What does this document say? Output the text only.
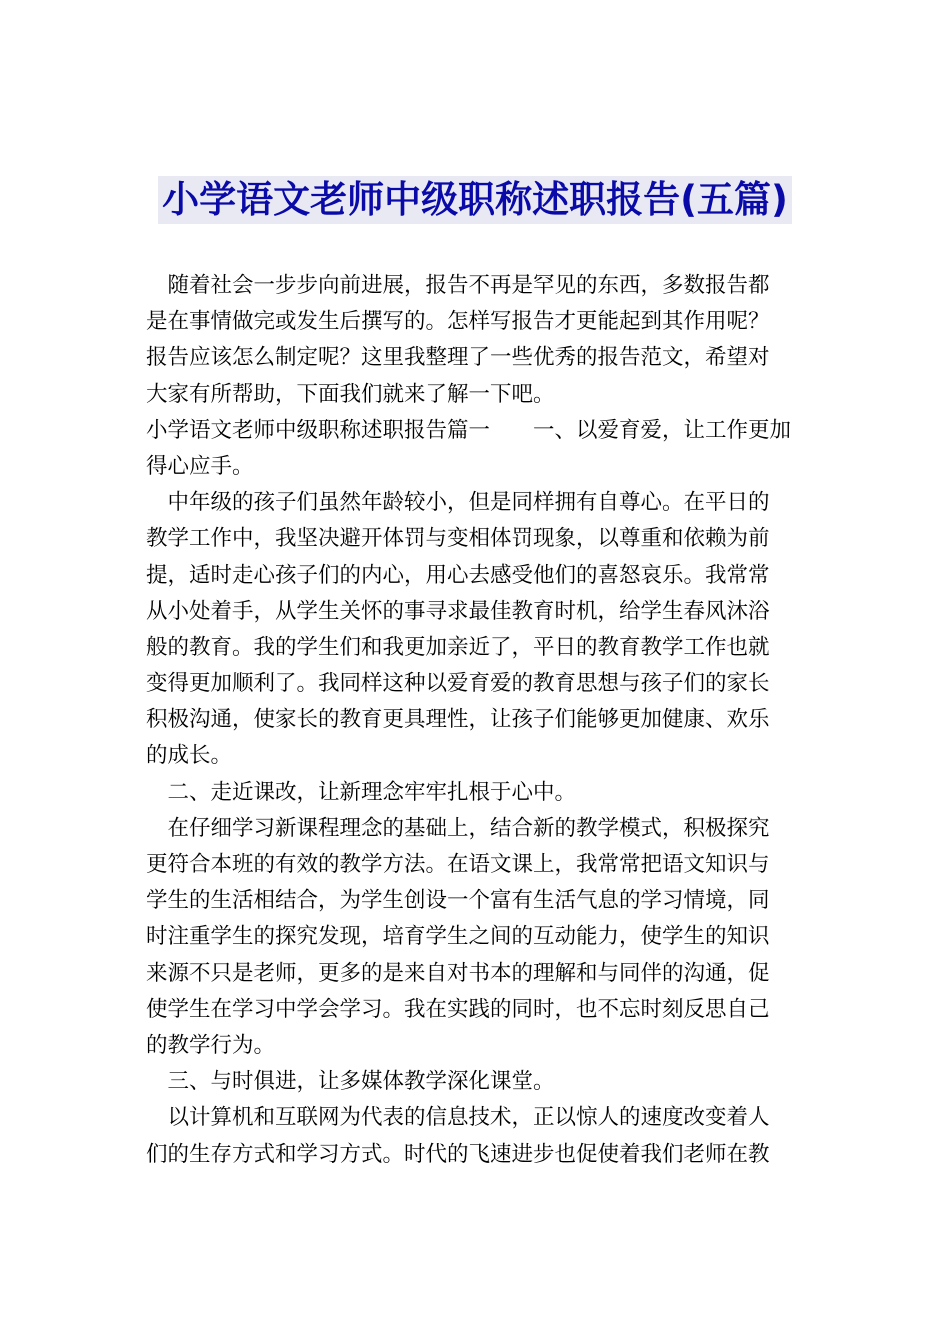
小学语文老师中级职称述职报告(五篇)
　随着社会一步步向前进展，报告不再是罕见的东西，多数报告都
是在事情做完或发生后撰写的。怎样写报告才更能起到其作用呢？
报告应该怎么制定呢？这里我整理了一些优秀的报告范文，希望对
大家有所帮助，下面我们就来了解一下吧。
小学语文老师中级职称述职报告篇一　　一、以爱育爱，让工作更加
得心应手。
　中年级的孩子们虽然年龄较小，但是同样拥有自尊心。在平日的
教学工作中，我坚决避开体罚与变相体罚现象，以尊重和依赖为前
提，适时走心孩子们的内心，用心去感受他们的喜怒哀乐。我常常
从小处着手，从学生关怀的事寻求最佳教育时机，给学生春风沐浴
般的教育。我的学生们和我更加亲近了，平日的教育教学工作也就
变得更加顺利了。我同样这种以爱育爱的教育思想与孩子们的家长
积极沟通，使家长的教育更具理性，让孩子们能够更加健康、欢乐
的成长。
　二、走近课改，让新理念牢牢扎根于心中。
　在仔细学习新课程理念的基础上，结合新的教学模式，积极探究
更符合本班的有效的教学方法。在语文课上，我常常把语文知识与
学生的生活相结合，为学生创设一个富有生活气息的学习情境，同
时注重学生的探究发现，培育学生之间的互动能力，使学生的知识
来源不只是老师，更多的是来自对书本的理解和与同伴的沟通，促
使学生在学习中学会学习。我在实践的同时，也不忘时刻反思自己
的教学行为。
　三、与时俱进，让多媒体教学深化课堂。
　以计算机和互联网为代表的信息技术，正以惊人的速度改变着人
们的生存方式和学习方式。时代的飞速进步也促使着我们老师在教
